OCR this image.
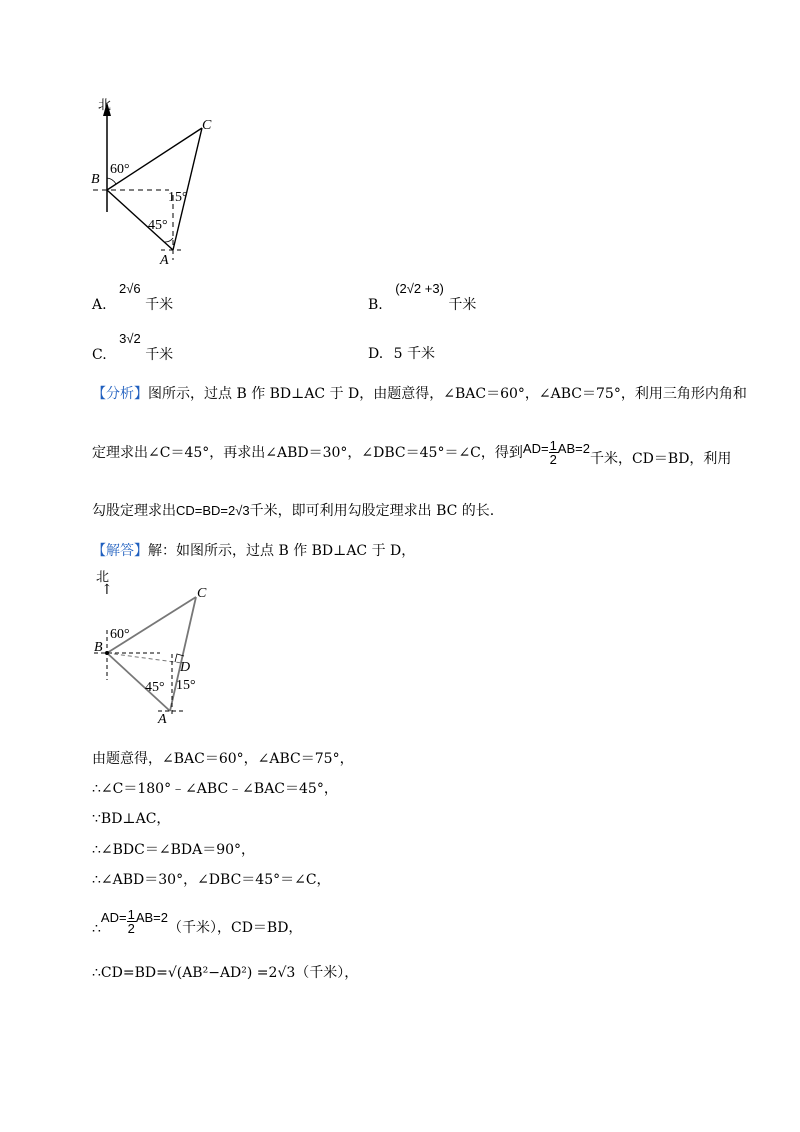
北
B
C
A
60°
15°
45°
A. 2√6 千米	B. (2√2 +3) 千米
C. 3√2 千米	D. 5 千米
【分析】图所示，过点 B 作 BD⊥AC 于 D，由题意得，∠BAC＝60°，∠ABC＝75°，利用三角形内角和
定理求出∠C＝45°，再求出∠ABD＝30°，∠DBC＝45°＝∠C，得到 $AD= \frac{1}{2} AB=2$
千米，CD＝BD，利用
勾股定理求出CD=BD=2√3千米，即可利用勾股定理求出 BC 的长.
【解答】解：如图所示，过点 B 作 BD⊥AC 于 D，
北
↑
B
C
A
D
60°
45° 15°
由题意得，∠BAC＝60°，∠ABC＝75°，
∴∠C＝180°﹣∠ABC﹣∠BAC＝45°，
∵BD⊥AC，
∴∠BDC＝∠BDA＝90°，
∴∠ABD＝30°，∠DBC＝45°＝∠C，
∴
$AD= \frac{1}{2} AB=2$
（千米），CD＝BD，
∴CD=BD=√(AB²−AD²) =2√3（千米），
